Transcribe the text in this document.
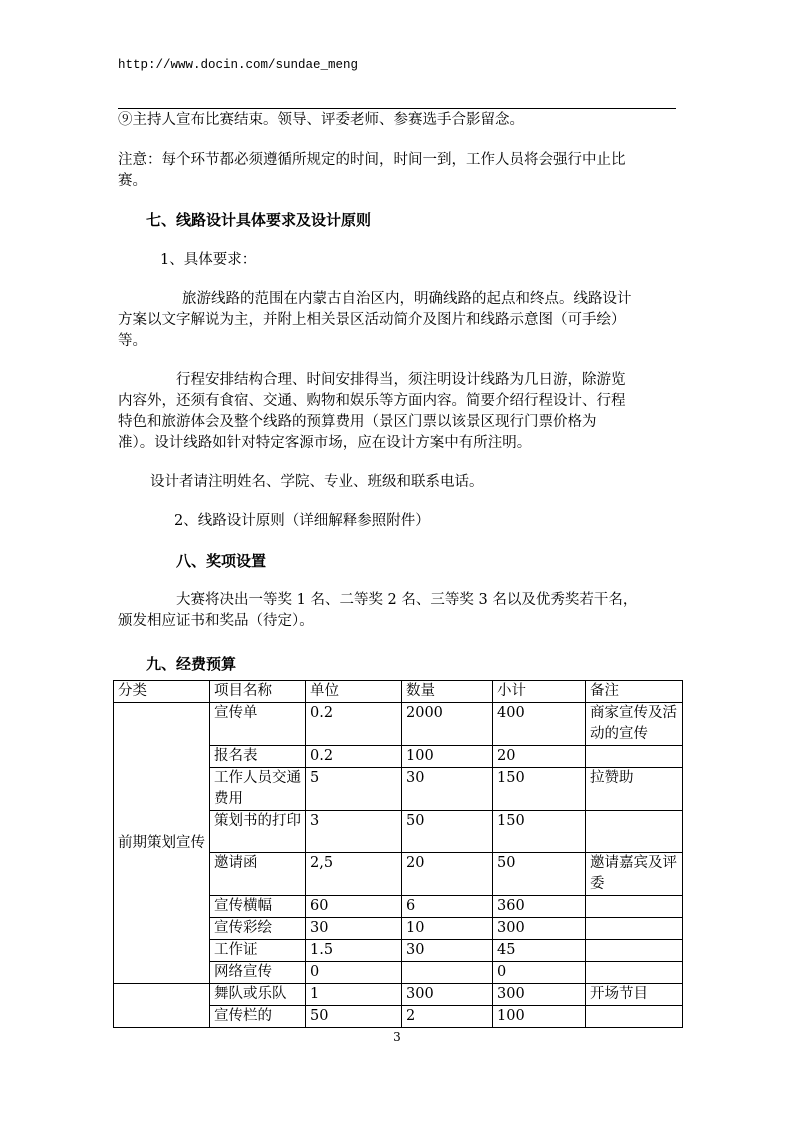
http://www.docin.com/sundae_meng
⑨主持人宣布比赛结束。领导、评委老师、参赛选手合影留念。
注意：每个环节都必须遵循所规定的时间，时间一到，工作人员将会强行中止比
赛。
七、线路设计具体要求及设计原则
1、具体要求：
旅游线路的范围在内蒙古自治区内，明确线路的起点和终点。线路设计
方案以文字解说为主，并附上相关景区活动简介及图片和线路示意图（可手绘）
等。
行程安排结构合理、时间安排得当，须注明设计线路为几日游，除游览
内容外，还须有食宿、交通、购物和娱乐等方面内容。简要介绍行程设计、行程
特色和旅游体会及整个线路的预算费用（景区门票以该景区现行门票价格为
准）。设计线路如针对特定客源市场，应在设计方案中有所注明。
设计者请注明姓名、学院、专业、班级和联系电话。
2、线路设计原则（详细解释参照附件）
八、奖项设置
大赛将决出一等奖 1 名、二等奖 2 名、三等奖 3 名以及优秀奖若干名，
颁发相应证书和奖品（待定）。
九、经费预算
分类	项目名称	单位	数量	小计	备注
前期策划宣传	宣传单	0.2	2000	400	商家宣传及活动的宣传
	报名表	0.2	100	20	
	工作人员交通费用	5	30	150	拉赞助
	策划书的打印	3	50	150	
	邀请函	2,5	20	50	邀请嘉宾及评委
	宣传横幅	60	6	360	
	宣传彩绘	30	10	300	
	工作证	1.5	30	45	
	网络宣传	0		0	
	舞队或乐队	1	300	300	开场节目
	宣传栏的	50	2	100	
3
